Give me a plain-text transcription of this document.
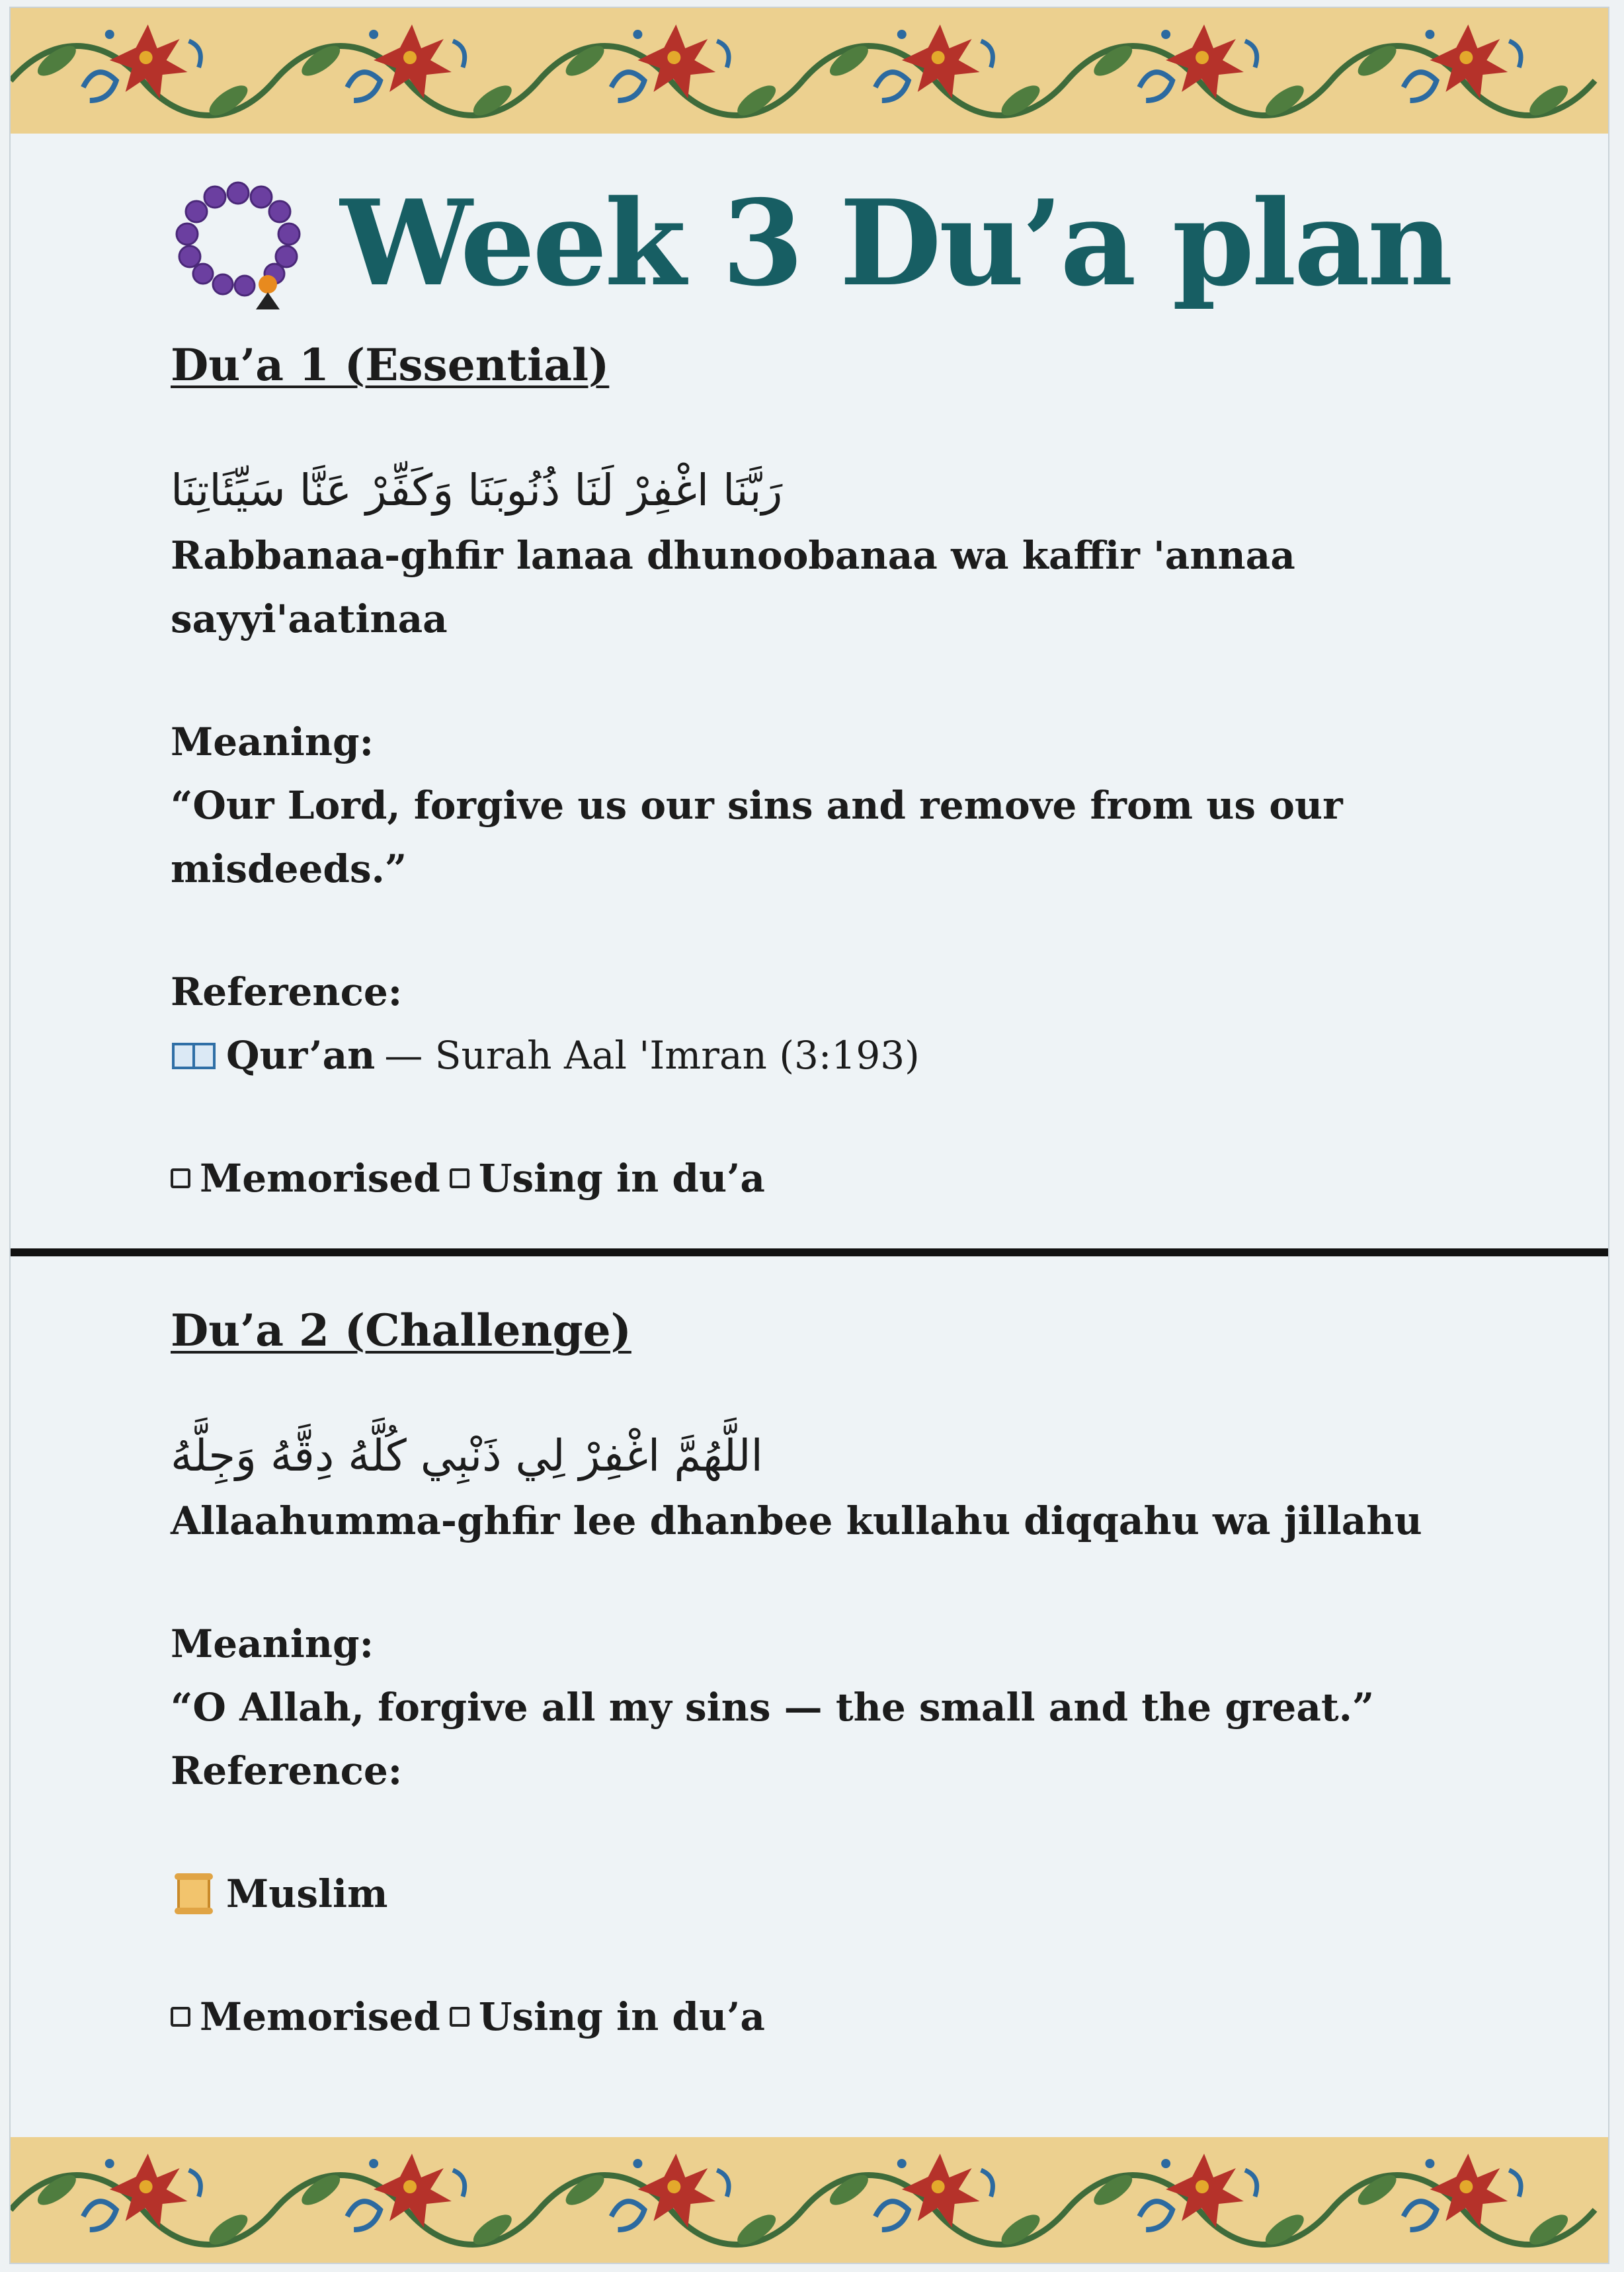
Week 3 Du’a plan
Du’a 1 (Essential)
رَبَّنَا اغْفِرْ لَنَا ذُنُوبَنَا وَكَفِّرْ عَنَّا سَيِّئَاتِنَا
Rabbanaa-ghfir lanaa dhunoobanaa wa kaffir 'annaa sayyi'aatinaa
Meaning:
“Our Lord, forgive us our sins and remove from us our misdeeds.”
Reference:
Qur’an — Surah Aal 'Imran (3:193)
Memorised Using in du’a
Du’a 2 (Challenge)
اللَّهُمَّ اغْفِرْ لِي ذَنْبِي كُلَّهُ دِقَّهُ وَجِلَّهُ
Allaahumma-ghfir lee dhanbee kullahu diqqahu wa jillahu
Meaning:
“O Allah, forgive all my sins — the small and the great.”
Reference:
Muslim
Memorised Using in du’a
